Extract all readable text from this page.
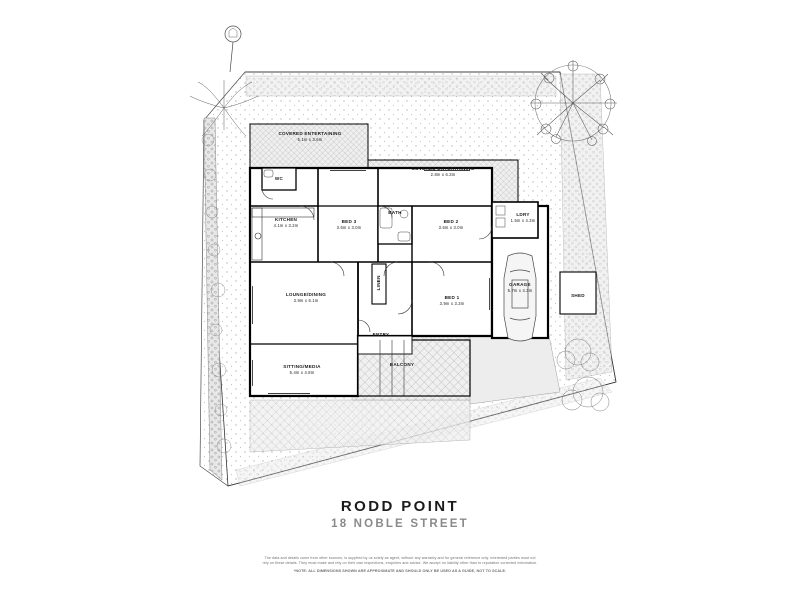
COVERED ENTERTAINING
5.1m x 3.6m
COVERED ENTERTAINING
2.8m x 6.3m
WC
KITCHEN
4.1m x 3.2m
BED 3
3.6m x 3.0m
BATH
BED 2
3.6m x 3.0m
LDRY
1.5m x 4.3m
LOUNGE/DINING
3.9m x 6.1m
LINEN
BED 1
3.9m x 3.3m
GARAGE
5.7m x 4.3m
SHED
ENTRY
BALCONY
SITTING/MEDIA
5.4m x 4.8m
RODD POINT
18 NOBLE STREET
The data and details come from other sources, is supplied by us solely as agent, without any warranty and for general reference only. Interested parties must not
rely on these details. They must make and rely on their own inspections, enquiries and advice. We accept no liability other than to reputation corrected information.
*NOTE: ALL DIMENSIONS SHOWN ARE APPROXIMATE AND SHOULD ONLY BE USED AS A GUIDE, NOT TO SCALE.
